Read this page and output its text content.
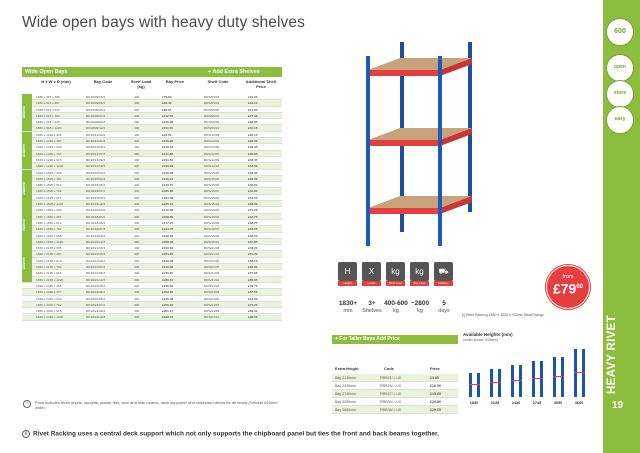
Wide open bays with heavy duty shelves
600
open
store
easy
HEAVY RIVET
19
Wide Open Bays	+ Add Extra Shelves
H x W x D (mm)	Bay Code	Shelf Load (kg)
Bay Price	Shelf Code	Additional Shelf Price
1830 x 915 x 305	RR18/09/03/3	400	£79.60	RRS/09/03	£16.35
1830 x 915 x 457	RR18/09/04/3	400	£86.40	RRS/09/04	£19.10
1830 x 915 x 610	RR18/09/06/3	400	£96.65	RRS/09/06	£21.85
1830 x 915 x 762	RR18/09/07/3	400	£112.70	RRS/09/07	£27.35
1830 x 915 x 915	RR18/09/09/3	400	£126.36	RRS/09/09	£32.80
1830 x 915 x 1220	RR18/09/12/3	400	£151.70	RRS/09/12	£40.15
1830 x 1220 x 305	RR18/12/03/3	400	£97.55	RRS/12/03	£22.15
1830 x 1220 x 457	RR18/12/04/3	400	£106.90	RRS/12/04	£26.00
1830 x 1220 x 610	RR18/12/06/3	400	£123.50	RRS/12/06	£30.95
1830 x 1220 x 762	RR18/12/07/3	400	£141.80	RRS/12/07	£36.85
1830 x 1220 x 915	RR18/12/09/3	400	£161.50	RRS/12/09	£43.45
1830 x 1220 x 1220	RR18/12/12/3	400	£193.00	RRS/12/12	£54.00
1830 x 1525 x 305	RR18/15/03/3	400	£108.65	RRS/15/03	£25.85
1830 x 1525 x 457	RR18/15/04/3	400	£120.10	RRS/15/04	£29.65
1830 x 1525 x 610	RR18/15/06/3	400	£140.70	RRS/15/06	£36.60
1830 x 1525 x 762	RR18/15/07/3	400	£165.85	RRS/15/07	£44.90
1830 x 1525 x 915	RR18/15/09/3	400	£184.50	RRS/15/09	£51.55
1830 x 1525 x 1220	RR18/15/12/3	400	£225.10	RRS/15/12	£63.00
1830 x 1830 x 305	RR18/18/03/3	400	£142.90	RRS/18/03	£37.25
1830 x 1830 x 457	RR18/18/04/3	400	£158.80	RRS/18/04	£42.75
1830 x 1830 x 610	RR18/18/06/3	400	£177.25	RRS/18/06	£48.75
1830 x 1830 x 762	RR18/18/07/3	400	£194.75	RRS/18/07	£54.55
1830 x 1830 x 915	RR18/18/09/3	400	£219.95	RRS/18/09	£62.55
1830 x 1830 x 1220	RR18/18/12/3	400	£258.00	RRS/18/12	£75.85
1830 x 2135 x 305	RR18/21/03/3	400	£160.60	RRS/21/03	£43.20
1830 x 2135 x 457	RR18/21/04/3	400	£184.85	RRS/21/04	£51.30
1830 x 2135 x 610	RR18/21/06/3	400	£199.50	RRS/21/06	£56.10
1830 x 2135 x 762	RR18/21/07/3	400	£219.60	RRS/21/07	£62.80
1830 x 2135 x 915	RR18/21/09/3	400	£246.00	RRS/21/09	£71.65
1830 x 2135 x 1220	RR18/21/12/3	400	£286.15	RRS/21/12	£85.05
1830 x 2440 x 305	RR18/24/03/3	400	£186.60	RRS/24/03	£49.75
1830 x 2440 x 457	RR18/24/04/3	400	£203.60	RRS/24/04	£57.55
1830 x 2440 x 610	RR18/24/06/3	400	£225.30	RRS/24/06	£64.80
1830 x 2440 x 762	RR18/24/07/3	400	£250.00	RRS/24/07	£73.25
1830 x 2440 x 915	RR18/24/09/3	400	£281.15	RRS/24/09	£83.30
1830 x 2440 x 1220	RR18/24/12/3	400	£328.15	RRS/24/12	£98.60
1830mm
2135mm
2440mm
1525mm
1220mm
i	Price includes three levels, uprights, plastic feet, face and side beams, deck supports* and chipboard decks for all levels (*except 610mm wide).
H
Height
1830+
mm
X
Levels
3+
Shelves
kg
Shelf Load
400-600
kg
kg
Bay Load
~2800
kg
⛟
Delivery
5
days
(i) Rivet Racking 1830 x 1525 x 762mm Blue/Orange
from
$£79^{60}$
+ For Taller Bays Add Price
Extra Height	Code	Price
Bay 2135mm	RRB21/-/-/-/0	£4.85
Bay 2440mm	RRB24/-/-/-/0	£10.00
Bay 2745mm	RRB27/-/-/-/0	£15.65
Bay 3050mm	RRB30/-/-/-/0	£20.80
Bay 3660mm	RRB36/-/-/-/0	£29.65
Available Heights (mm)
(width shown 915mm)
1830	2135	2440	2745	3050	3660
i Rivet Racking uses a central deck support which not only supports the chipboard panel but ties the front and back beams together.
